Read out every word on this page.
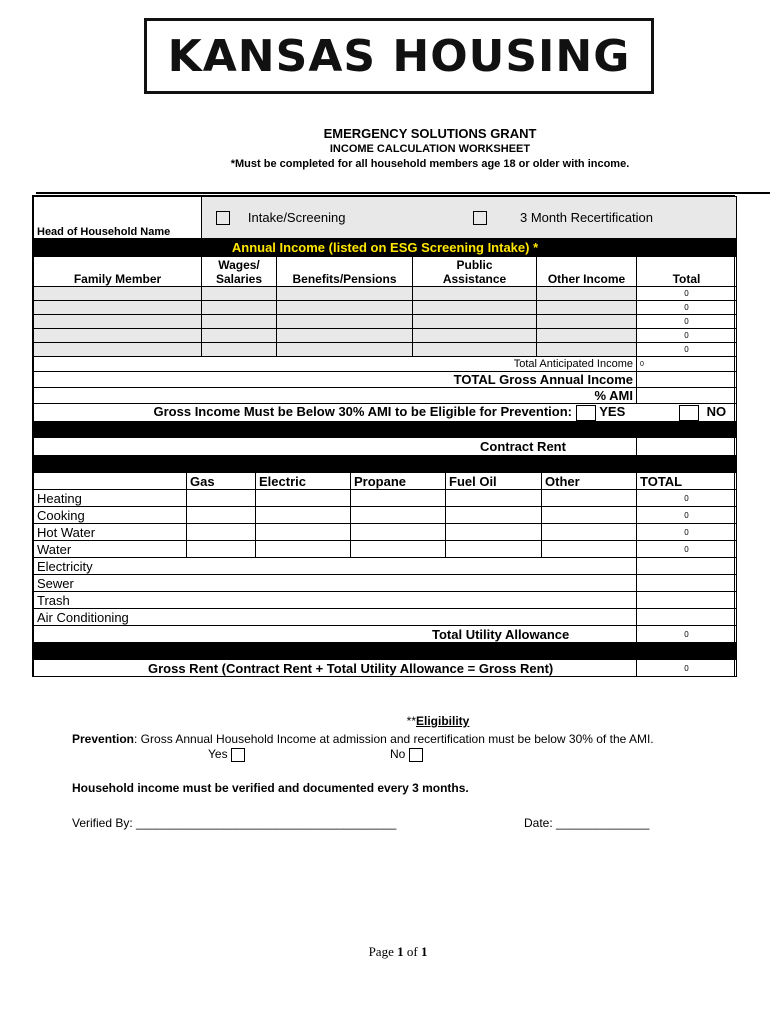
KANSAS HOUSING
EMERGENCY SOLUTIONS GRANT
INCOME CALCULATION WORKSHEET
*Must be completed for all household members age 18 or older with income.
Head of Household Name	Intake/Screening 3 Month Recertification				
Annual Income (listed on ESG Screening Intake) *					
Family Member	Wages/ Salaries	Benefits/Pensions	Public Assistance	Other Income	Total
					0
					0
					0
					0
					0
Total Anticipated Income					0
TOTAL Gross Annual Income					
% AMI					
Gross Income Must be Below 30% AMI to be Eligible for Prevention: YES NO					

Contract Rent					

	Gas	Electric	Propane	Fuel Oil	Other	TOTAL
Heating						0
Cooking						0
Hot Water						0
Water						0
Electricity						
Sewer						
Trash						
Air Conditioning						
Total Utility Allowance						0

Gross Rent (Contract Rent + Total Utility Allowance = Gross Rent)						0
**Eligibility
Prevention: Gross Annual Household Income at admission and recertification must be below 30% of the AMI.
Yes	No
Household income must be verified and documented every 3 months.
Verified By: _______________________________________	Date: ______________
Page 1 of 1
